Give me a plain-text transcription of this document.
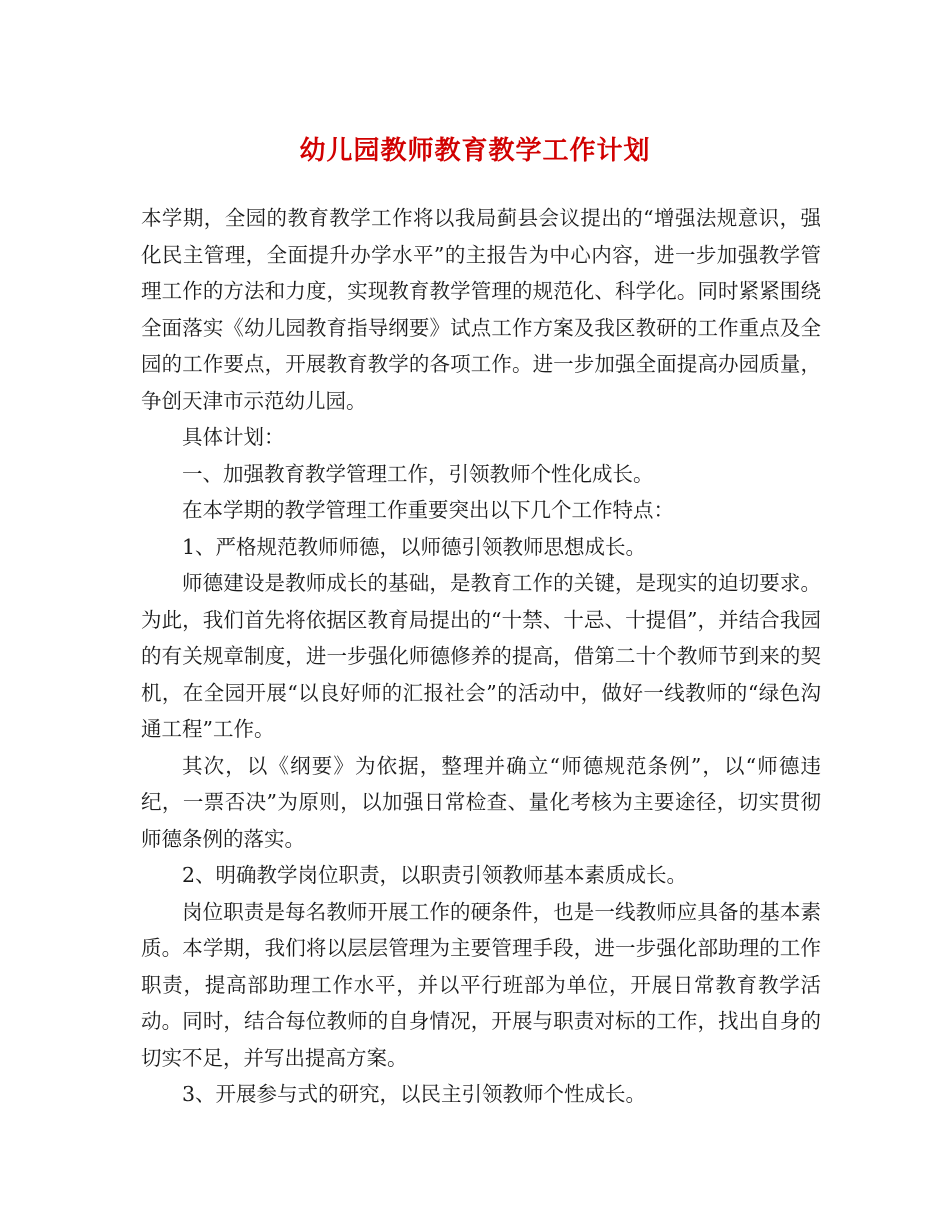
幼儿园教师教育教学工作计划

本学期，全园的教育教学工作将以我局蓟县会议提出的“增强法规意识，强化民主管理，全面提升办学水平”的主报告为中心内容，进一步加强教学管理工作的方法和力度，实现教育教学管理的规范化、科学化。同时紧紧围绕全面落实《幼儿园教育指导纲要》试点工作方案及我区教研的工作重点及全园的工作要点，开展教育教学的各项工作。进一步加强全面提高办园质量，争创天津市示范幼儿园。

具体计划：

一、加强教育教学管理工作，引领教师个性化成长。

在本学期的教学管理工作重要突出以下几个工作特点：

1、严格规范教师师德，以师德引领教师思想成长。

师德建设是教师成长的基础，是教育工作的关键，是现实的迫切要求。为此，我们首先将依据区教育局提出的“十禁、十忌、十提倡”，并结合我园的有关规章制度，进一步强化师德修养的提高，借第二十个教师节到来的契机，在全园开展“以良好师的汇报社会”的活动中，做好一线教师的“绿色沟通工程”工作。

其次，以《纲要》为依据，整理并确立“师德规范条例”，以“师德违纪，一票否决”为原则，以加强日常检查、量化考核为主要途径，切实贯彻师德条例的落实。

2、明确教学岗位职责，以职责引领教师基本素质成长。

岗位职责是每名教师开展工作的硬条件，也是一线教师应具备的基本素质。本学期，我们将以层层管理为主要管理手段，进一步强化部助理的工作职责，提高部助理工作水平，并以平行班部为单位，开展日常教育教学活动。同时，结合每位教师的自身情况，开展与职责对标的工作，找出自身的切实不足，并写出提高方案。

3、开展参与式的研究，以民主引领教师个性成长。
